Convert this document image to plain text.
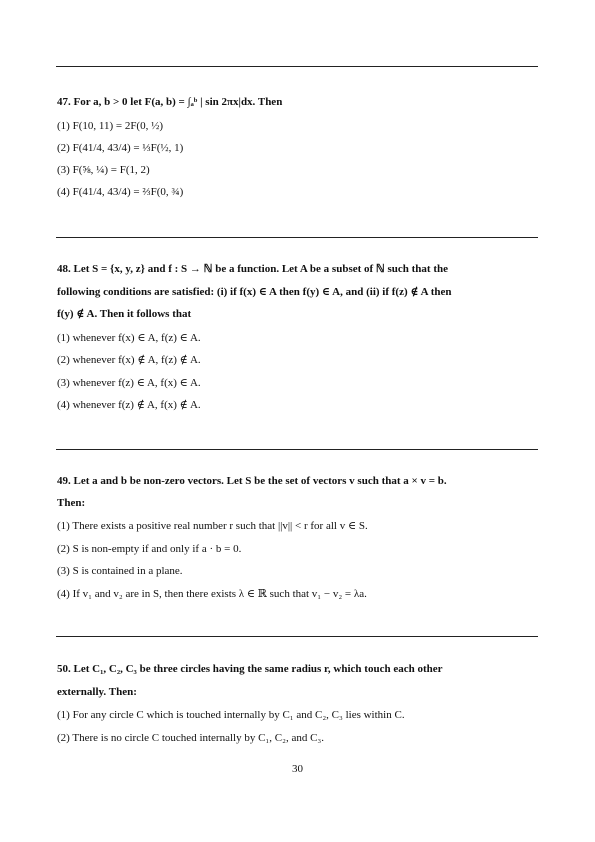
47. For a, b > 0 let F(a, b) = ∫ₐᵇ | sin 2πx|dx. Then
(1) F(10, 11) = 2F(0, ½)
(2) F(41/4, 43/4) = ⅓F(½, 1)
(3) F(⅝, ¼) = F(1, 2)
(4) F(41/4, 43/4) = ⅔F(0, ¾)
48. Let S = {x, y, z} and f : S → ℕ be a function. Let A be a subset of ℕ such that the
following conditions are satisfied: (i) if f(x) ∈ A then f(y) ∈ A, and (ii) if f(z) ∉ A then
f(y) ∉ A. Then it follows that
(1) whenever f(x) ∈ A, f(z) ∈ A.
(2) whenever f(x) ∉ A, f(z) ∉ A.
(3) whenever f(z) ∈ A, f(x) ∈ A.
(4) whenever f(z) ∉ A, f(x) ∉ A.
49. Let a and b be non-zero vectors. Let S be the set of vectors v such that a × v = b.
Then:
(1) There exists a positive real number r such that ||v|| < r for all v ∈ S.
(2) S is non-empty if and only if a · b = 0.
(3) S is contained in a plane.
(4) If v₁ and v₂ are in S, then there exists λ ∈ ℝ such that v₁ − v₂ = λa.
50. Let C₁, C₂, C₃ be three circles having the same radius r, which touch each other
externally. Then:
(1) For any circle C which is touched internally by C₁ and C₂, C₃ lies within C.
(2) There is no circle C touched internally by C₁, C₂, and C₃.
30
